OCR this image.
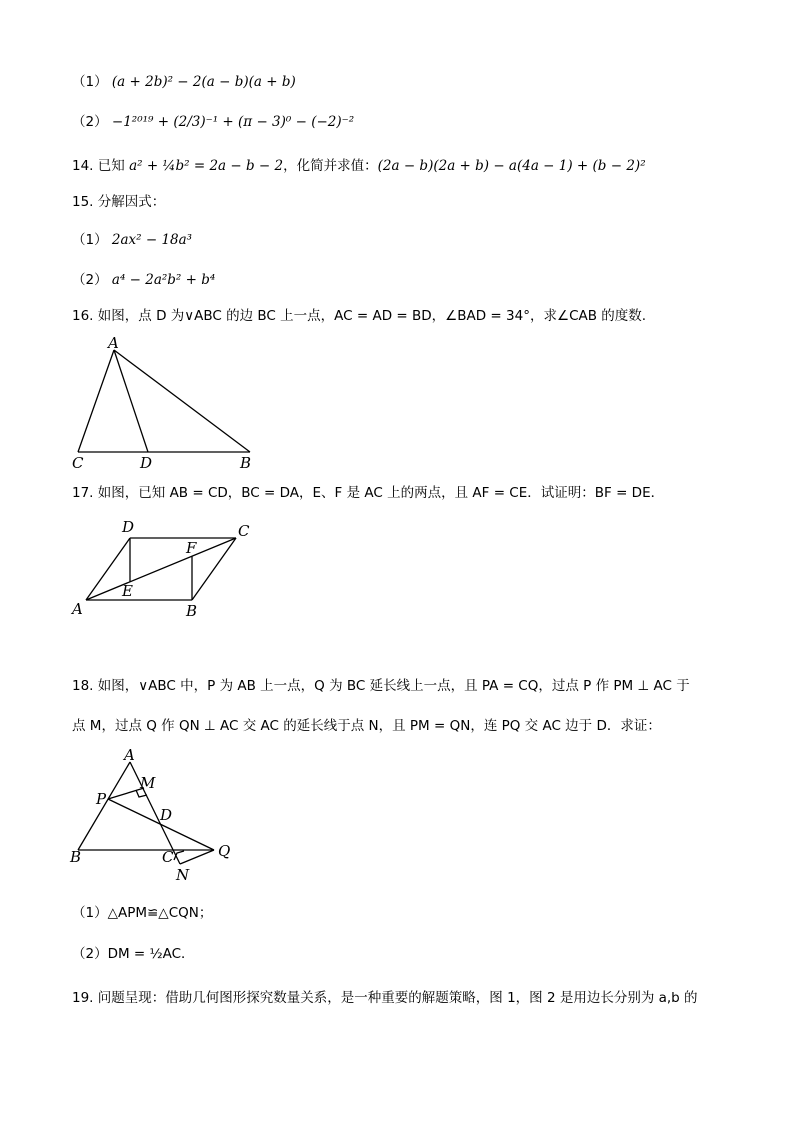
（1） (a + 2b)² − 2(a − b)(a + b)
（2） −1²⁰¹⁹ + (2/3)⁻¹ + (π − 3)⁰ − (−2)⁻²
14. 已知 a² + ¼b² = 2a − b − 2，化简并求值：(2a − b)(2a + b) − a(4a − 1) + (b − 2)²
15. 分解因式：
（1） 2ax² − 18a³
（2） a⁴ − 2a²b² + b⁴
16. 如图，点 D 为∨ABC 的边 BC 上一点，AC = AD = BD，∠BAD = 34°，求∠CAB 的度数.
A
C	D	B
17. 如图，已知 AB = CD，BC = DA，E、F 是 AC 上的两点，且 AF = CE．试证明：BF = DE．
D	C
F
E
A	B
18. 如图，∨ABC 中，P 为 AB 上一点，Q 为 BC 延长线上一点，且 PA = CQ，过点 P 作 PM ⊥ AC 于
点 M，过点 Q 作 QN ⊥ AC 交 AC 的延长线于点 N，且 PM = QN，连 PQ 交 AC 边于 D．求证：
A
M
P
D
B	C	Q
N
（1）△APM≌△CQN；
（2）DM = ½AC．
19. 问题呈现：借助几何图形探究数量关系，是一种重要的解题策略，图 1，图 2 是用边长分别为 a,b 的
